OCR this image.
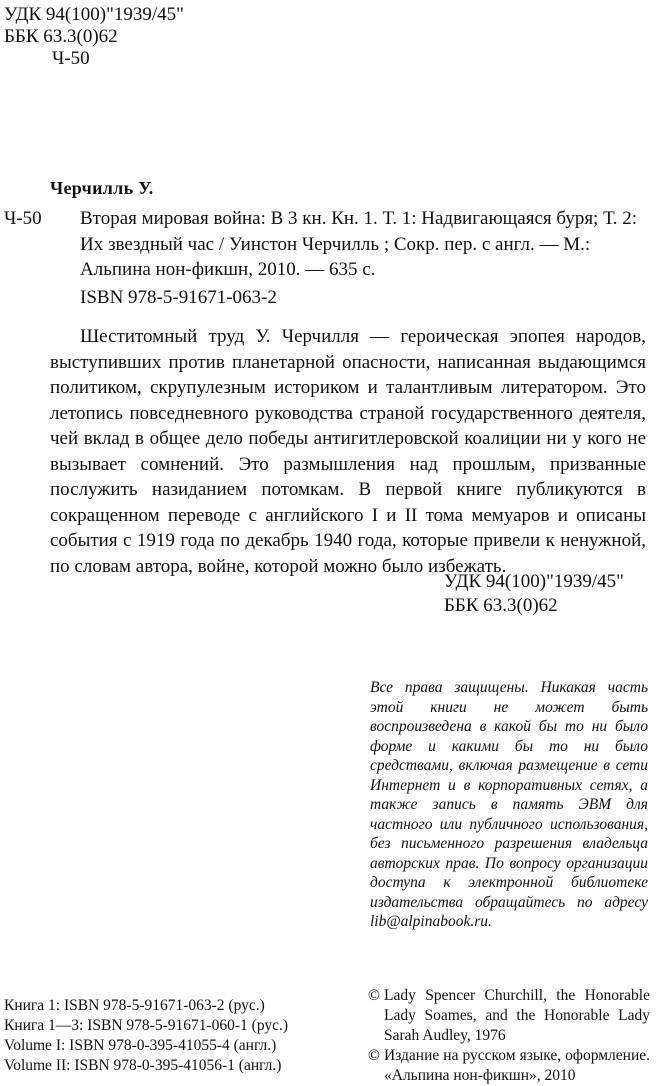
УДК 94(100)"1939/45"
ББК 63.3(0)62
Ч-50
Черчилль У.
Ч-50 Вторая мировая война: В 3 кн. Кн. 1. Т. 1: Надвигающаяся буря; Т. 2: Их звездный час / Уинстон Черчилль ; Сокр. пер. с англ. — М.: Альпина нон-фикшн, 2010. — 635 с.

ISBN 978-5-91671-063-2

Шеститомный труд У. Черчилля — героическая эпопея народов, выступивших против планетарной опасности, написанная выдающимся политиком, скрупулезным историком и талантливым литератором. Это летопись повседневного руководства страной государственного деятеля, чей вклад в общее дело победы антигитлеровской коалиции ни у кого не вызывает сомнений. Это размышления над прошлым, призванные послужить назиданием потомкам. В первой книге публикуются в сокращенном переводе с английского I и II тома мемуаров и описаны события с 1919 года по декабрь 1940 года, которые привели к ненужной, по словам автора, войне, которой можно было избежать.

УДК 94(100)"1939/45"
ББК 63.3(0)62
Все права защищены. Никакая часть этой книги не может быть воспроизведена в какой бы то ни было форме и какими бы то ни было средствами, включая размещение в сети Интернет и в корпоративных сетях, а также запись в память ЭВМ для частного или публичного использования, без письменного разрешения владельца авторских прав. По вопросу организации доступа к электронной библиотеке издательства обращайтесь по адресу lib@alpinabook.ru.
Книга 1: ISBN 978-5-91671-063-2 (рус.)
Книга 1—3: ISBN 978-5-91671-060-1 (рус.)
Volume I: ISBN 978-0-395-41055-4 (англ.)
Volume II: ISBN 978-0-395-41056-1 (англ.)
© Lady Spencer Churchill, the Honorable Lady Soames, and the Honorable Lady Sarah Audley, 1976
© Издание на русском языке, оформление. «Альпина нон-фикшн», 2010
